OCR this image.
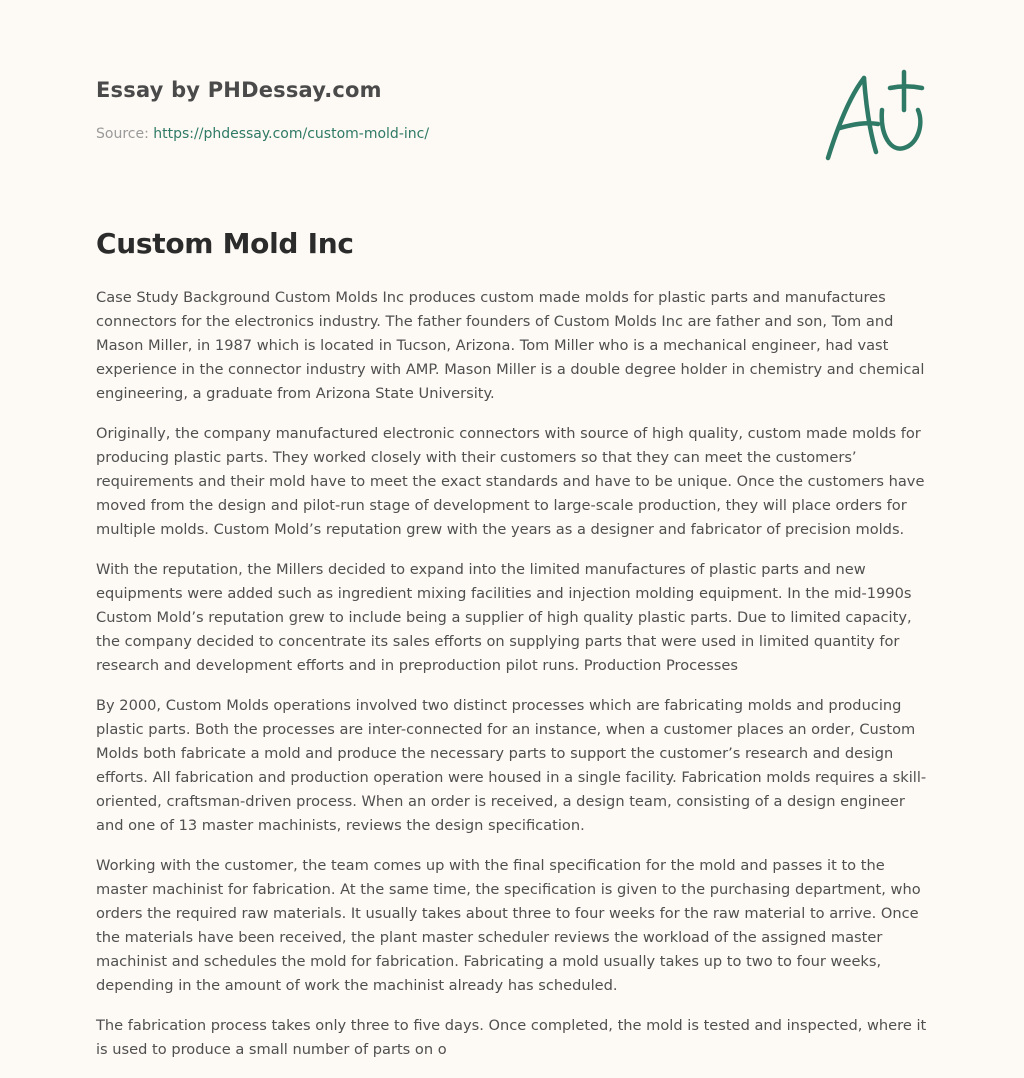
Essay by PHDessay.com
Source: https://phdessay.com/custom-mold-inc/
Custom Mold Inc

Case Study Background Custom Molds Inc produces custom made molds for plastic parts and manufactures connectors for the electronics industry. The father founders of Custom Molds Inc are father and son, Tom and Mason Miller, in 1987 which is located in Tucson, Arizona. Tom Miller who is a mechanical engineer, had vast experience in the connector industry with AMP. Mason Miller is a double degree holder in chemistry and chemical engineering, a graduate from Arizona State University.

Originally, the company manufactured electronic connectors with source of high quality, custom made molds for producing plastic parts. They worked closely with their customers so that they can meet the customers’ requirements and their mold have to meet the exact standards and have to be unique. Once the customers have moved from the design and pilot-run stage of development to large-scale production, they will place orders for multiple molds. Custom Mold’s reputation grew with the years as a designer and fabricator of precision molds.

With the reputation, the Millers decided to expand into the limited manufactures of plastic parts and new equipments were added such as ingredient mixing facilities and injection molding equipment. In the mid-1990s Custom Mold’s reputation grew to include being a supplier of high quality plastic parts. Due to limited capacity, the company decided to concentrate its sales efforts on supplying parts that were used in limited quantity for research and development efforts and in preproduction pilot runs. Production Processes

By 2000, Custom Molds operations involved two distinct processes which are fabricating molds and producing plastic parts. Both the processes are inter-connected for an instance, when a customer places an order, Custom Molds both fabricate a mold and produce the necessary parts to support the customer’s research and design efforts. All fabrication and production operation were housed in a single facility. Fabrication molds requires a skill-oriented, craftsman-driven process. When an order is received, a design team, consisting of a design engineer and one of 13 master machinists, reviews the design specification.

Working with the customer, the team comes up with the final specification for the mold and passes it to the master machinist for fabrication. At the same time, the specification is given to the purchasing department, who orders the required raw materials. It usually takes about three to four weeks for the raw material to arrive. Once the materials have been received, the plant master scheduler reviews the workload of the assigned master machinist and schedules the mold for fabrication. Fabricating a mold usually takes up to two to four weeks, depending in the amount of work the machinist already has scheduled.

The fabrication process takes only three to five days. Once completed, the mold is tested and inspected, where it is used to produce a small number of parts on o
